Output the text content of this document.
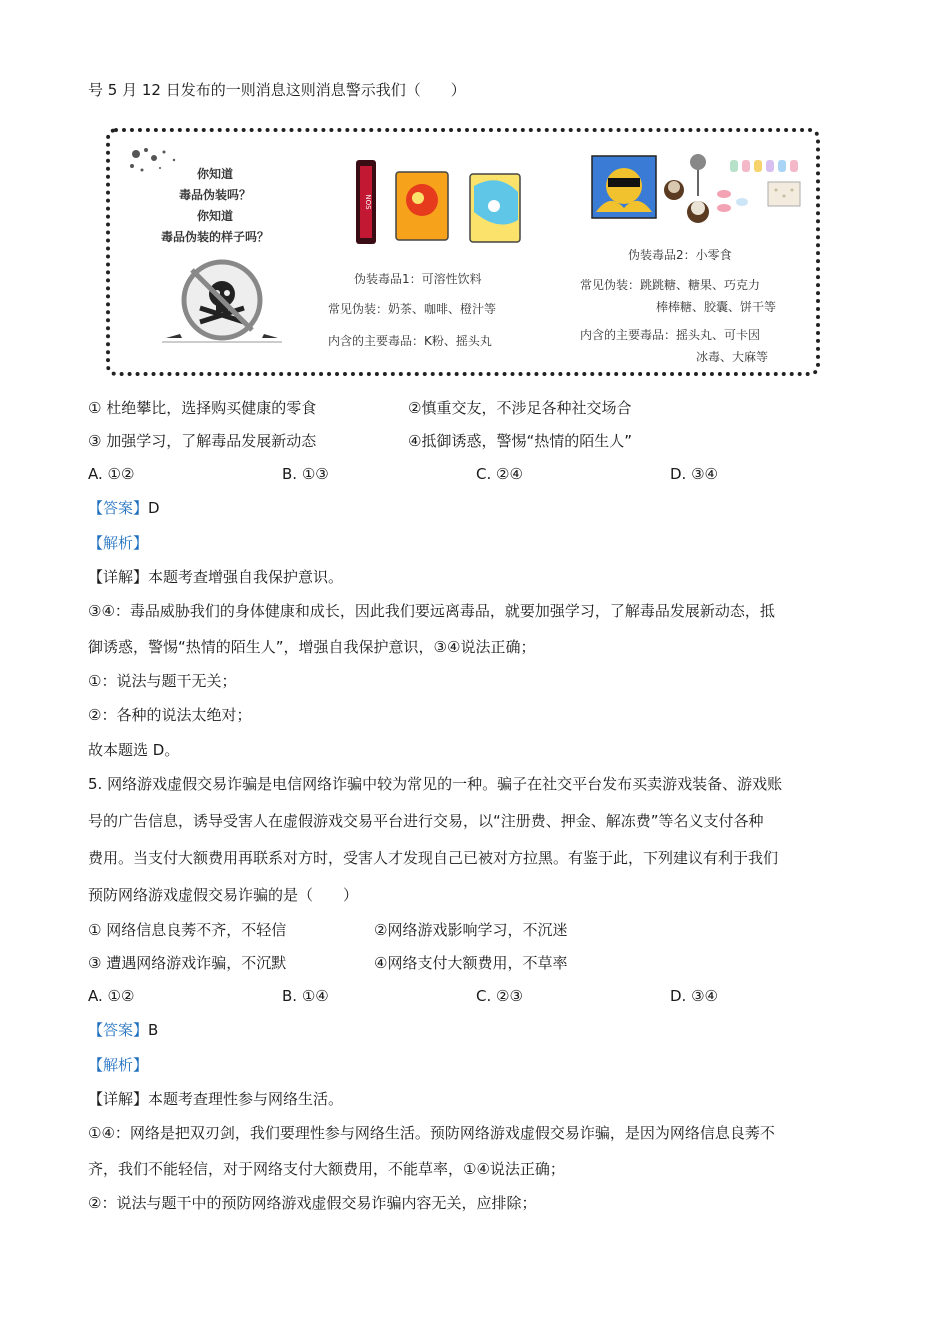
号 5 月 12 日发布的一则消息这则消息警示我们（　　）
你知道
毒品伪装吗？
你知道
毒品伪装的样子吗？
NOS
伪装毒品1：可溶性饮料
常见伪装：奶茶、咖啡、橙汁等
内含的主要毒品：K粉、摇头丸
伪装毒品2：小零食
常见伪装：跳跳糖、糖果、巧克力
棒棒糖、胶囊、饼干等
内含的主要毒品：摇头丸、可卡因
冰毒、大麻等
① 杜绝攀比，选择购买健康的零食	②慎重交友，不涉足各种社交场合
③ 加强学习，了解毒品发展新动态	④抵御诱惑，警惕“热情的陌生人”
A. ①②	B. ①③	C. ②④	D. ③④
【答案】D
【解析】
【详解】本题考查增强自我保护意识。
③④：毒品威胁我们的身体健康和成长，因此我们要远离毒品，就要加强学习，了解毒品发展新动态，抵
御诱惑，警惕“热情的陌生人”，增强自我保护意识，③④说法正确；
①：说法与题干无关；
②：各种的说法太绝对；
故本题选 D。
5. 网络游戏虚假交易诈骗是电信网络诈骗中较为常见的一种。骗子在社交平台发布买卖游戏装备、游戏账
号的广告信息，诱导受害人在虚假游戏交易平台进行交易，以“注册费、押金、解冻费”等名义支付各种
费用。当支付大额费用再联系对方时，受害人才发现自己已被对方拉黑。有鉴于此，下列建议有利于我们
预防网络游戏虚假交易诈骗的是（　　）
① 网络信息良莠不齐，不轻信	②网络游戏影响学习，不沉迷
③ 遭遇网络游戏诈骗，不沉默	④网络支付大额费用，不草率
A. ①②	B. ①④	C. ②③	D. ③④
【答案】B
【解析】
【详解】本题考查理性参与网络生活。
①④：网络是把双刃剑，我们要理性参与网络生活。预防网络游戏虚假交易诈骗，是因为网络信息良莠不
齐，我们不能轻信，对于网络支付大额费用，不能草率，①④说法正确；
②：说法与题干中的预防网络游戏虚假交易诈骗内容无关，应排除；
